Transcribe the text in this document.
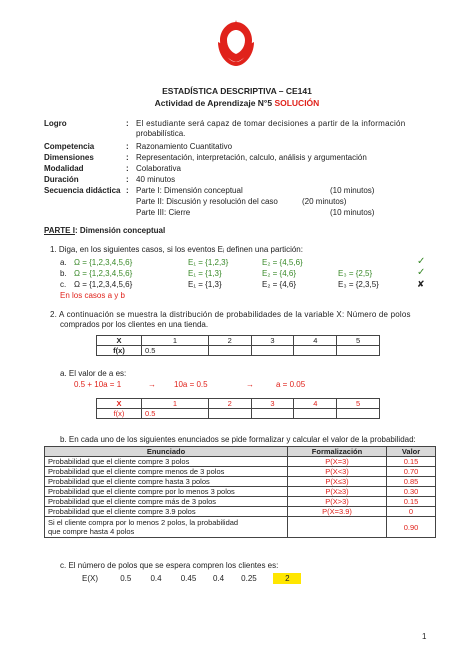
ESTADÍSTICA DESCRIPTIVA – CE141
Actividad de Aprendizaje N°5 SOLUCIÓN
Logro	: El estudiante será capaz de tomar decisiones a partir de la información
probabilística.
Competencia	: Razonamiento Cuantitativo
Dimensiones	: Representación, interpretación, calculo, análisis y argumentación
Modalidad	: Colaborativa
Duración	: 40 minutos
Secuencia didáctica : Parte I: Dimensión conceptual	(10 minutos)
Parte II: Discusión y resolución del caso	(20 minutos)
Parte III: Cierre	(10 minutos)
PARTE I: Dimensión conceptual
1. Diga, en los siguientes casos, si los eventos Eᵢ definen una partición:
a. Ω = {1,2,3,4,5,6}	E₁ = {1,2,3}	E₂ = {4,5,6}	✓
b. Ω = {1,2,3,4,5,6}	E₁ = {1,3}	E₂ = {4,6}	E₃ = {2,5}	✓
c. Ω = {1,2,3,4,5,6}	E₁ = {1,3}	E₂ = {4,6}	E₃ = {2,3,5}	✘
En los casos a y b
2. A continuación se muestra la distribución de probabilidades de la variable X: Número de polos
comprados por los clientes en una tienda.
X	1	2	3	4	5
f(x)	0.5				
a. El valor de a es:
0.5 + 10a = 1	→ 10a = 0.5	→	a = 0.05
X	1	2	3	4	5
f(x)	0.5				
b. En cada uno de los siguientes enunciados se pide formalizar y calcular el valor de la probabilidad:
Enunciado	Formalización	Valor
Probabilidad que el cliente compre 3 polos	P(X=3)	0.15
Probabilidad que el cliente compre menos de 3 polos	P(X<3)	0.70
Probabilidad que el cliente compre hasta 3 polos	P(X≤3)	0.85
Probabilidad que el cliente compre por lo menos 3 polos	P(X≥3)	0.30
Probabilidad que el cliente compre más de 3 polos	P(X>3)	0.15
Probabilidad que el cliente compre 3.9 polos	P(X=3.9)	0

Si el cliente compra por lo menos 2 polos, la probabilidad
que compre hasta 4 polos		0.90
c. El número de polos que se espera compren los clientes es:
E(X)	0.5 0.4 0.45 0.4 0.25	2
1
